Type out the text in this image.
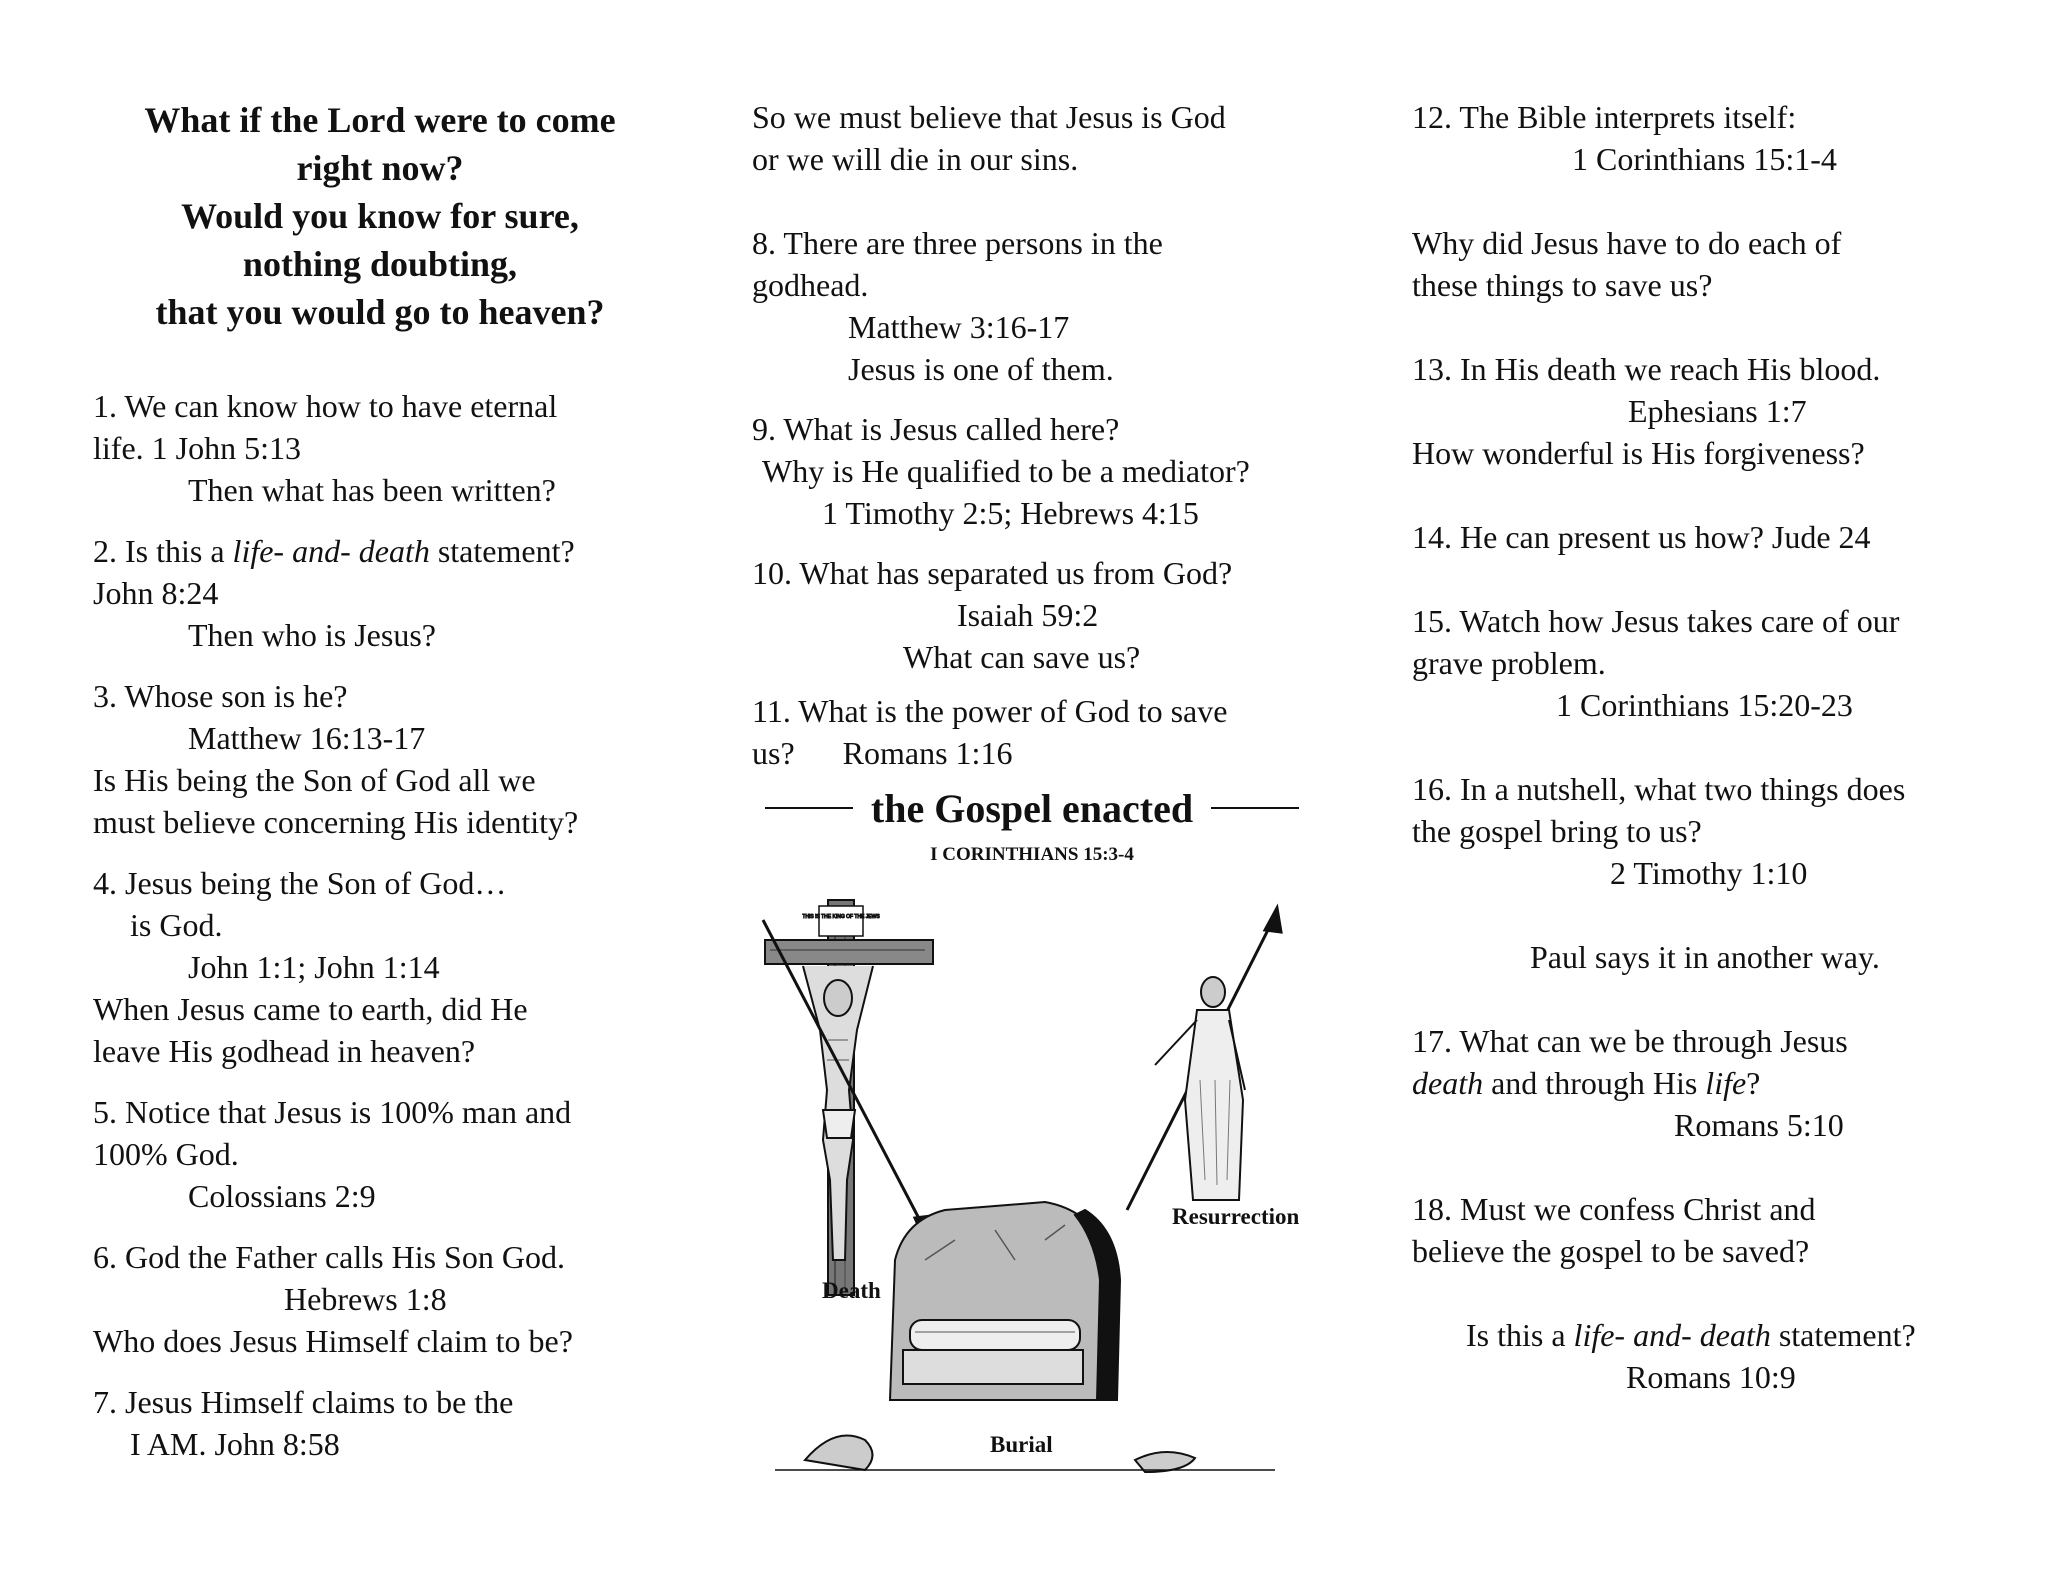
What if the Lord were to come
right now?
Would you know for sure,
nothing doubting,
that you would go to heaven?
1. We can know how to have eternal
life. 1 John 5:13
Then what has been written?
2. Is this a life- and- death statement?
John 8:24
Then who is Jesus?
3. Whose son is he?
Matthew 16:13-17
Is His being the Son of God all we
must believe concerning His identity?
4. Jesus being the Son of God…
is God.
John 1:1; John 1:14
When Jesus came to earth, did He
leave His godhead in heaven?
5. Notice that Jesus is 100% man and
100% God.
Colossians 2:9
6. God the Father calls His Son God.
Hebrews 1:8
Who does Jesus Himself claim to be?
7. Jesus Himself claims to be the
I AM. John 8:58
So we must believe that Jesus is God
or we will die in our sins.
8. There are three persons in the
godhead.
Matthew 3:16-17
Jesus is one of them.
9. What is Jesus called here?
Why is He qualified to be a mediator?
1 Timothy 2:5; Hebrews 4:15
10. What has separated us from God?
Isaiah 59:2
What can save us?
11. What is the power of God to save
us?      Romans 1:16
the Gospel enacted
I CORINTHIANS 15:3-4
THIS IS THE KING OF THE JEWS
Death
Burial
Resurrection
12. The Bible interprets itself:
1 Corinthians 15:1-4
Why did Jesus have to do each of
these things to save us?
13. In His death we reach His blood.
Ephesians 1:7
How wonderful is His forgiveness?
14. He can present us how? Jude 24
15. Watch how Jesus takes care of our
grave problem.
1 Corinthians 15:20-23
16. In a nutshell, what two things does
the gospel bring to us?
2 Timothy 1:10
Paul says it in another way.
17. What can we be through Jesus
death and through His life?
Romans 5:10
18. Must we confess Christ and
believe the gospel to be saved?
Is this a life- and- death statement?
Romans 10:9
